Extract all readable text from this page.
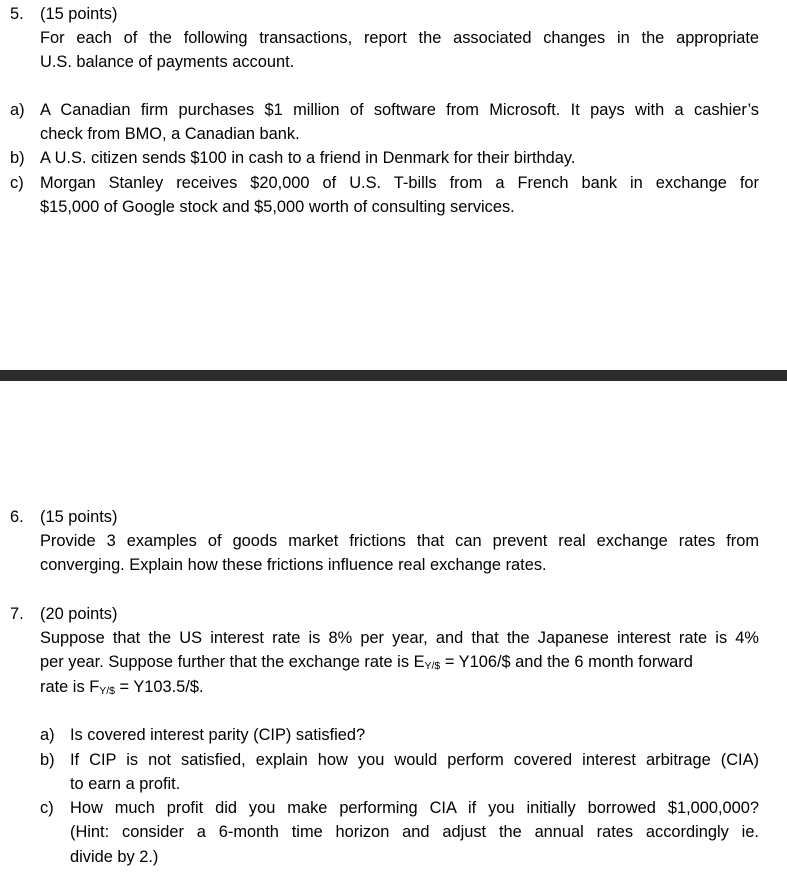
5. (15 points)
For each of the following transactions, report the associated changes in the appropriate
U.S. balance of payments account.
a) A Canadian firm purchases $1 million of software from Microsoft. It pays with a cashier’s
check from BMO, a Canadian bank.
b) A U.S. citizen sends $100 in cash to a friend in Denmark for their birthday.
c) Morgan Stanley receives $20,000 of U.S. T-bills from a French bank in exchange for
$15,000 of Google stock and $5,000 worth of consulting services.
6. (15 points)
Provide 3 examples of goods market frictions that can prevent real exchange rates from
converging. Explain how these frictions influence real exchange rates.
7. (20 points)
Suppose that the US interest rate is 8% per year, and that the Japanese interest rate is 4%
per year. Suppose further that the exchange rate is $E_{Y/\$}$ = Y106/$ and the 6 month forward
rate is $F_{Y/\$}$ = Y103.5/$.
a) Is covered interest parity (CIP) satisfied?
b) If CIP is not satisfied, explain how you would perform covered interest arbitrage (CIA)
to earn a profit.
c) How much profit did you make performing CIA if you initially borrowed $1,000,000?
(Hint: consider a 6-month time horizon and adjust the annual rates accordingly ie.
divide by 2.)
